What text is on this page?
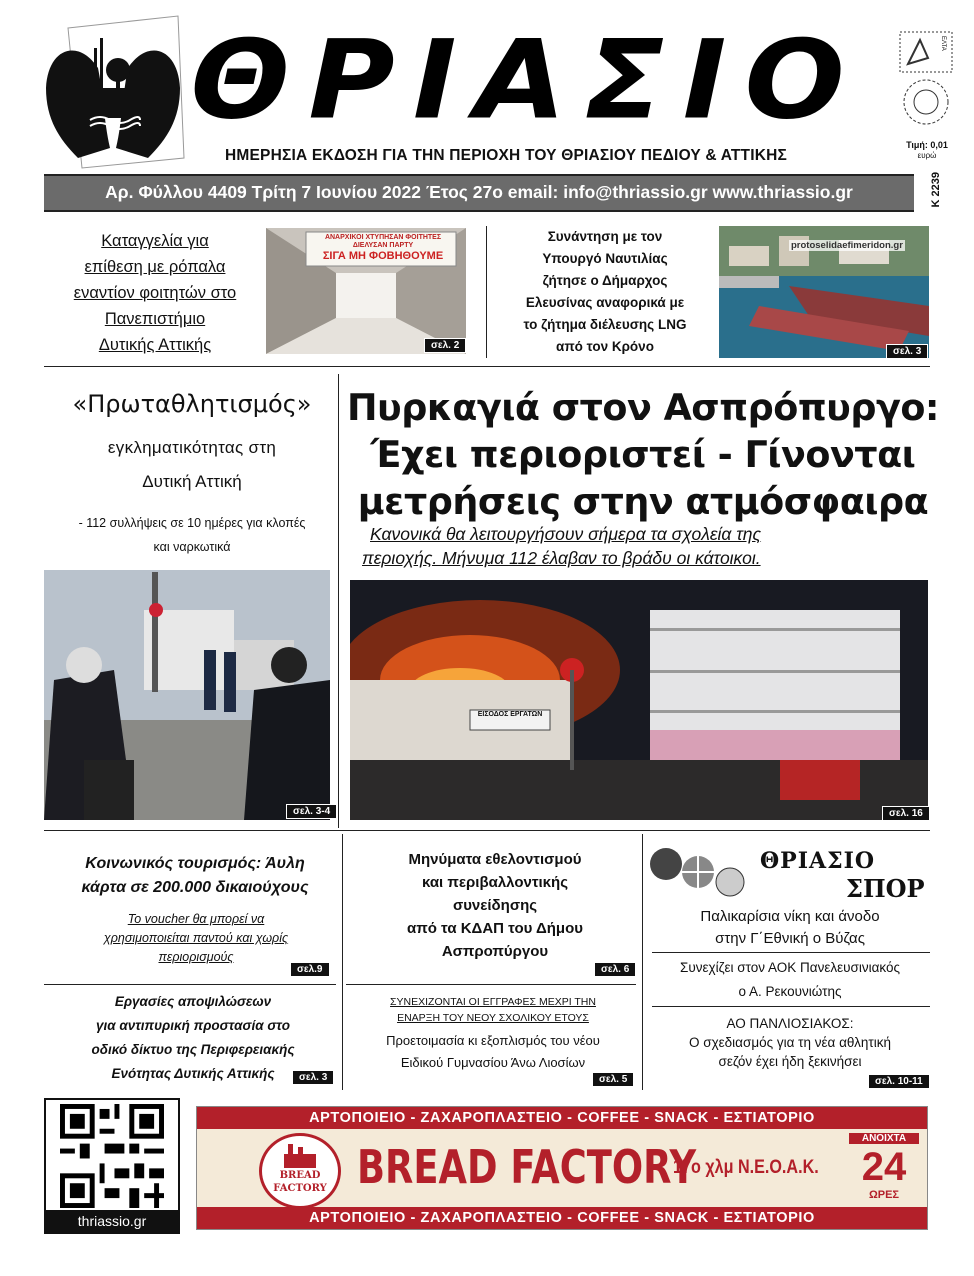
ΘΡΙΑΣΙΟ	ΕΛΤΑ
Τιμή: 0,01
ευρώ
ΗΜΕΡΗΣΙΑ ΕΚΔΟΣΗ ΓΙΑ ΤΗΝ ΠΕΡΙΟΧΗ ΤΟΥ ΘΡΙΑΣΙΟΥ ΠΕΔΙΟΥ & ΑΤΤΙΚΗΣ
Αρ. Φύλλου 4409 Τρίτη 7 Ιουνίου 2022 Έτος 27ο email: info@thriassio.gr www.thriassio.gr	Κ 2239
Καταγγελία για
επίθεση με ρόπαλα
εναντίον φοιτητών στο
Πανεπιστήμιο
Δυτικής Αττικής
ΑΝΑΡΧΙΚΟΙ ΧΤΥΠΗΣΑΝ ΦΟΙΤΗΤΕΣ
ΔΙΕΛΥΣΑΝ ΠΑΡΤΥ
ΣΙΓΑ ΜΗ ΦΟΒΗΘΟΥΜΕ
σελ. 2
Συνάντηση με τον
Υπουργό Ναυτιλίας
ζήτησε ο Δήμαρχος
Ελευσίνας αναφορικά με
το ζήτημα διέλευσης LNG
από τον Κρόνο
protoselidaefimeridon.gr
σελ. 3
«Πρωταθλητισμός»
εγκληματικότητας στη
Δυτική Αττική
- 112 συλλήψεις σε 10 ημέρες για κλοπές
και ναρκωτικά
σελ. 3-4
Πυρκαγιά στον Ασπρόπυργο:
Έχει περιοριστεί - Γίνονται
μετρήσεις στην ατμόσφαιρα
Κανονικά θα λειτουργήσουν σήμερα τα σχολεία της
περιοχής. Μήνυμα 112 έλαβαν το βράδυ οι κάτοικοι.
ΕΙΣΟΔΟΣ ΕΡΓΑΤΩΝ
σελ. 16
Κοινωνικός τουρισμός: Άυλη
κάρτα σε 200.000 δικαιούχους
Το voucher θα μπορεί να
χρησιμοποιείται παντού και χωρίς
περιορισμούς
σελ.9
Εργασίες αποψιλώσεων
για αντιπυρική προστασία στο
οδικό δίκτυο της Περιφερειακής
Ενότητας Δυτικής Αττικής	σελ. 3
Μηνύματα εθελοντισμού
και περιβαλλοντικής
συνείδησης
από τα ΚΔΑΠ του Δήμου
Ασπροπύργου
σελ. 6
ΣΥΝΕΧΙΖΟΝΤΑΙ ΟΙ ΕΓΓΡΑΦΕΣ ΜΕΧΡΙ ΤΗΝ
ΕΝΑΡΞΗ ΤΟΥ ΝΕΟΥ ΣΧΟΛΙΚΟΥ ΕΤΟΥΣ
Προετοιμασία κι εξοπλισμός του νέου
Ειδικού Γυμνασίου Άνω Λιοσίων
σελ. 5
ΘΡΙΑΣΙΟ
ΣΠΟΡ
Παλικαρίσια νίκη και άνοδο
στην Γ΄Εθνική ο Βύζας
Συνεχίζει στον ΑΟΚ Πανελευσινιακός
ο Α. Ρεκουνιώτης
ΑΟ ΠΑΝΛΙΟΣΙΑΚΟΣ:
Ο σχεδιασμός για τη νέα αθλητική
σεζόν έχει ήδη ξεκινήσει
σελ. 10-11
thriassio.gr
ΑΡΤΟΠΟΙΕΙΟ - ΖΑΧΑΡΟΠΛΑΣΤΕΙΟ - COFFEE - SNACK - ΕΣΤΙΑΤΟΡΙΟ
ΑΡΤΟΠΟΙΕΙΟ - ΖΑΧΑΡΟΠΛΑΣΤΕΙΟ - COFFEE - SNACK - ΕΣΤΙΑΤΟΡΙΟ
BREAD
FACTORY BREAD FACTORY
17ο χλμ Ν.Ε.Ο.Α.Κ.
ΑΝΟΙΧΤΑ
24
ΩΡΕΣ
